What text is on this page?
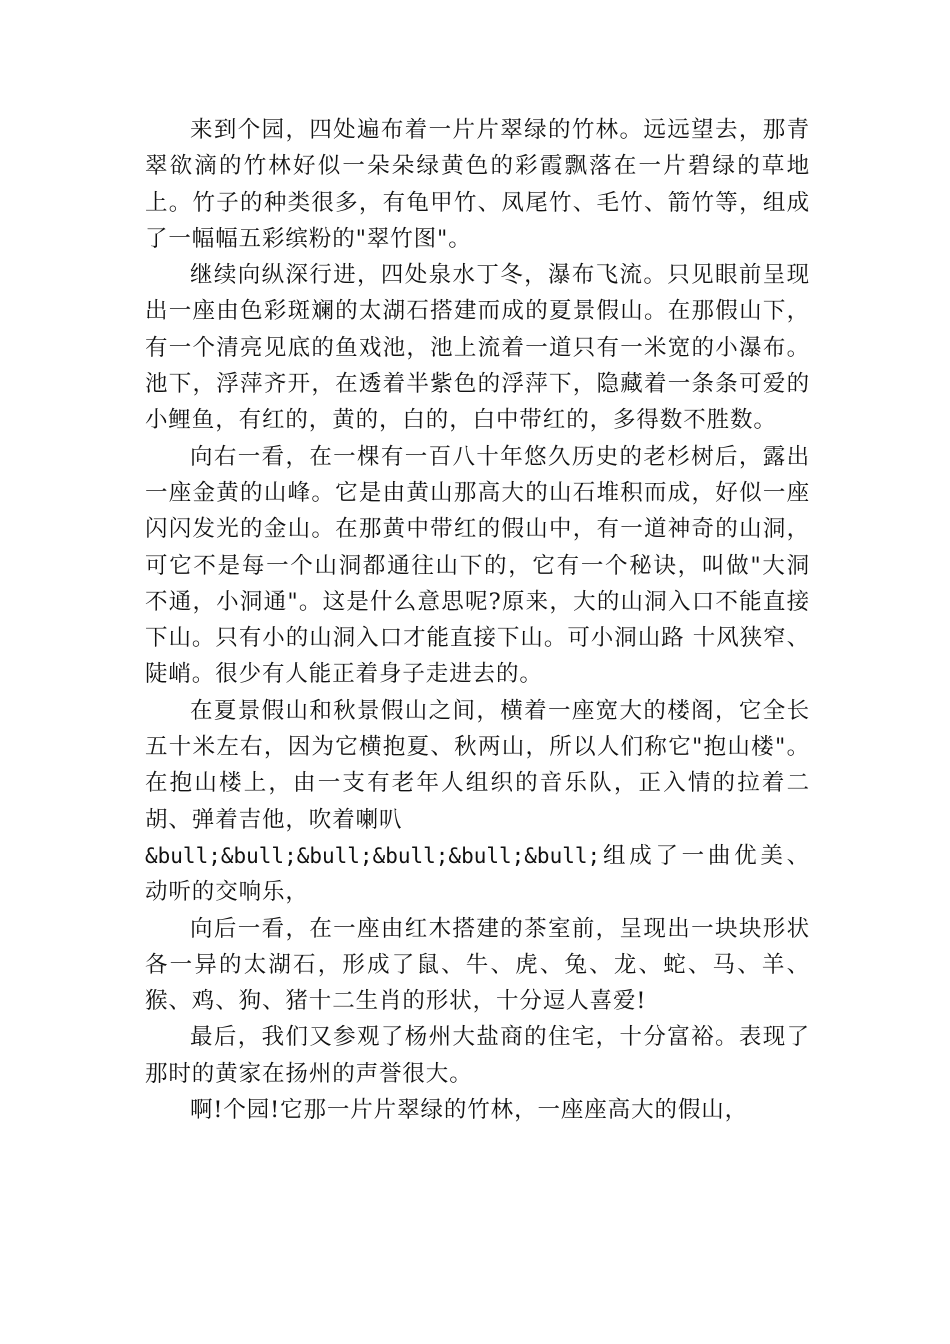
来到个园，四处遍布着一片片翠绿的竹林。远远望去，那青翠欲滴的竹林好似一朵朵绿黄色的彩霞飘落在一片碧绿的草地上。竹子的种类很多，有龟甲竹、凤尾竹、毛竹、箭竹等，组成了一幅幅五彩缤粉的"翠竹图"。

继续向纵深行进，四处泉水丁冬，瀑布飞流。只见眼前呈现出一座由色彩斑斓的太湖石搭建而成的夏景假山。在那假山下，有一个清亮见底的鱼戏池，池上流着一道只有一米宽的小瀑布。池下，浮萍齐开，在透着半紫色的浮萍下，隐藏着一条条可爱的小鲤鱼，有红的，黄的，白的，白中带红的，多得数不胜数。

向右一看，在一棵有一百八十年悠久历史的老杉树后，露出一座金黄的山峰。它是由黄山那高大的山石堆积而成，好似一座闪闪发光的金山。在那黄中带红的假山中，有一道神奇的山洞，可它不是每一个山洞都通往山下的，它有一个秘诀，叫做"大洞不通，小洞通"。这是什么意思呢?原来，大的山洞入口不能直接下山。只有小的山洞入口才能直接下山。可小洞山路 十风狭窄、陡峭。很少有人能正着身子走进去的。

在夏景假山和秋景假山之间，横着一座宽大的楼阁，它全长五十米左右，因为它横抱夏、秋两山，所以人们称它"抱山楼"。在抱山楼上，由一支有老年人组织的音乐队，正入情的拉着二胡、弹着吉他，吹着喇叭
&bull;&bull;&bull;&bull;&bull;&bull;组成了一曲优美、动听的交响乐，

向后一看，在一座由红木搭建的茶室前，呈现出一块块形状各一异的太湖石，形成了鼠、牛、虎、兔、龙、蛇、马、羊、猴、鸡、狗、猪十二生肖的形状，十分逗人喜爱!

最后，我们又参观了杨州大盐商的住宅，十分富裕。表现了那时的黄家在扬州的声誉很大。

啊!个园!它那一片片翠绿的竹林，一座座高大的假山，
